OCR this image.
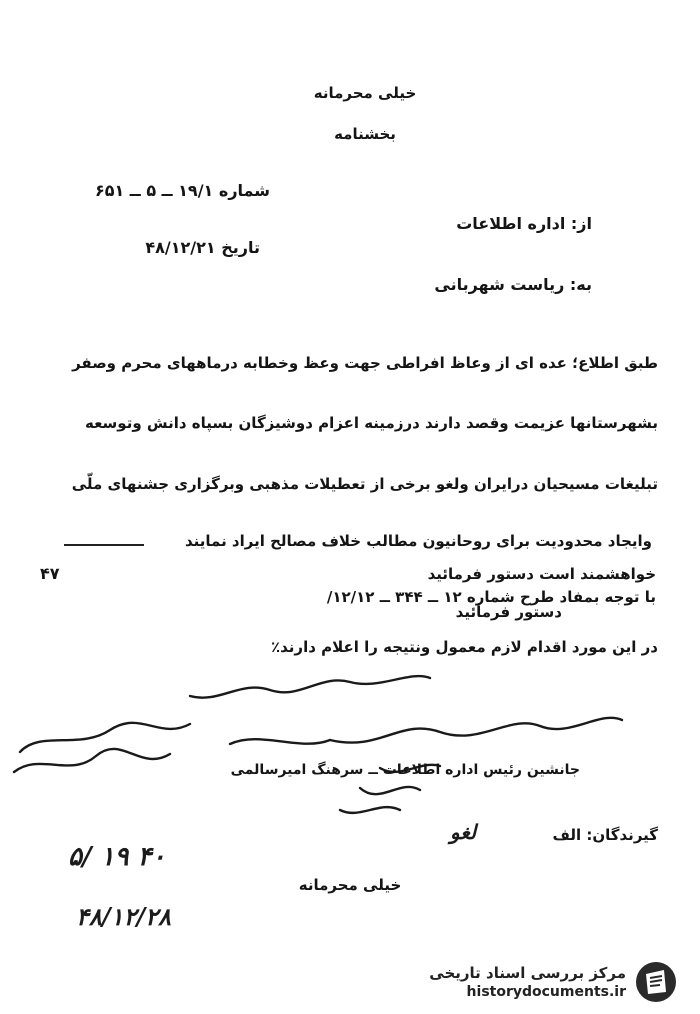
خیلی محرمانه
بخشنامه
شماره ۱۹/۱ ــ ۵ ــ ۶۵۱
از: اداره اطلاعات
تاریخ ۴۸/۱۲/۲۱
به: ریاست شهربانی
طبق اطلاع؛ عده ای از وعاظ افراطی جهت وعظ وخطابه درماههای محرم وصفر
بشهرستانها عزیمت وقصد دارند درزمینه اعزام دوشیزگان بسپاه دانش وتوسعه
تبلیغات مسیحیان درایران ولغو برخی از تعطیلات مذهبی وبرگزاری جشنهای ملّی
وایجاد محدودیت برای روحانیون مطالب خلاف مصالح ایراد نمایند
خواهشمند است دستور فرمائید
۴۷
با توجه بمفاد طرح شماره ۱۲ ــ ۳۴۴ ــ ۱۲/۱۲/
دستور فرمائید
در این مورد اقدام لازم معمول ونتیجه را اعلام دارند٪
جانشین رئیس اداره اطلاعات ــ سرهنگ امیرسالمی
گیرندگان: الف
خیلی محرمانه
۵/ ۱۹ ۴۰
۴۸/۱۲/۲۸
لغو
مرکز بررسی اسناد تاریخی
historydocuments.ir
